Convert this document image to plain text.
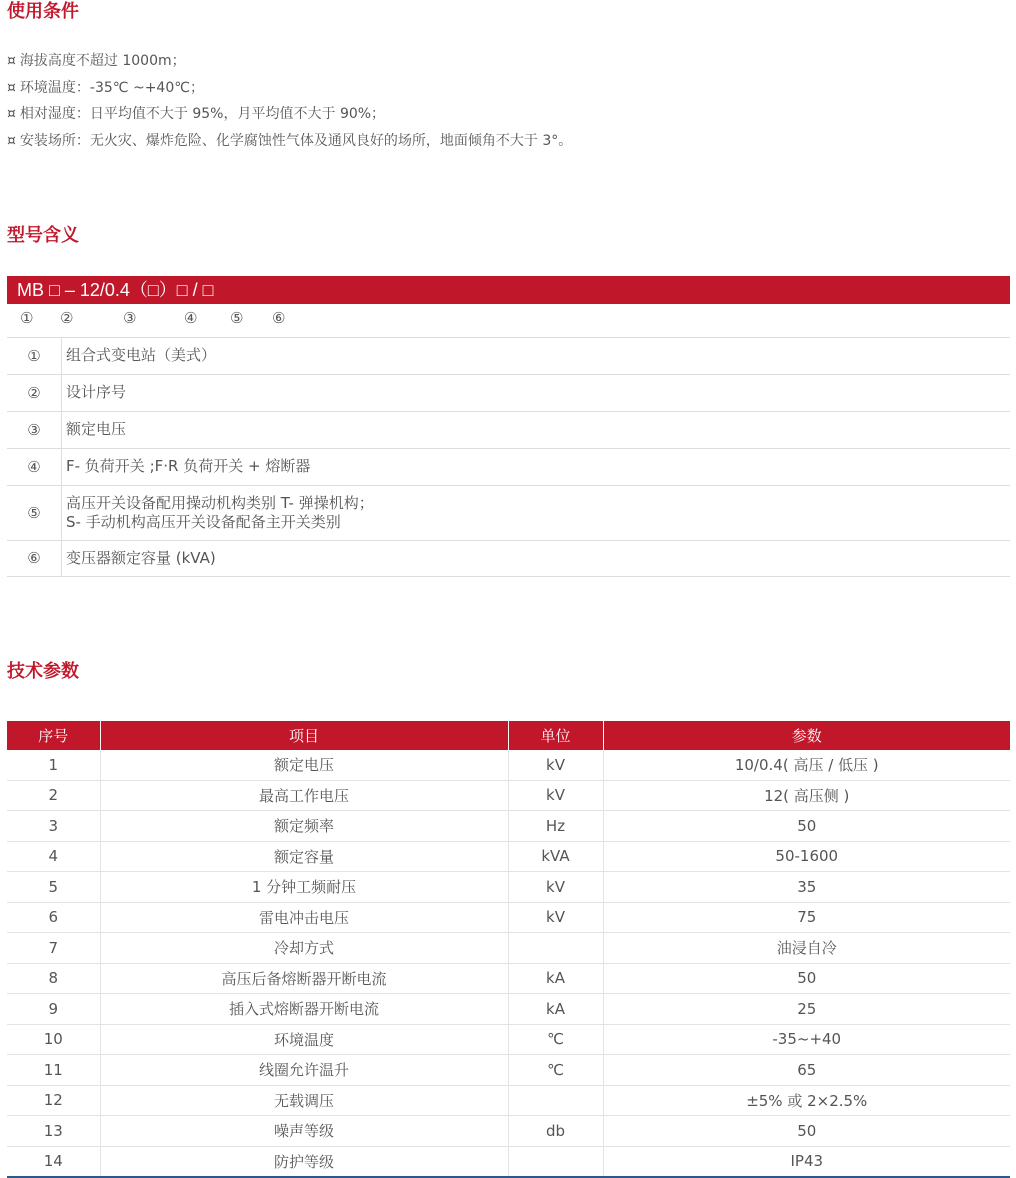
使用条件
¤ 海拔高度不超过 1000m；
¤ 环境温度：-35℃ ~+40℃；
¤ 相对湿度：日平均值不大于 95%，月平均值不大于 90%；
¤ 安装场所：无火灾、爆炸危险、化学腐蚀性气体及通风良好的场所，地面倾角不大于 3°。
型号含义
MB □ – 12/0.4（□）□ / □
① ②	③	④ ⑤ ⑥
①	组合式变电站（美式）
②	设计序号
③	额定电压
④	F- 负荷开关 ;F·R 负荷开关 + 熔断器
⑤	高压开关设备配用操动机构类别 T- 弹操机构；
S- 手动机构高压开关设备配备主开关类别

⑥	变压器额定容量 (kVA)
技术参数
序号	项目	单位	参数
1	额定电压	kV	10/0.4( 高压 / 低压 )
2	最高工作电压	kV	12( 高压侧 )
3	额定频率	Hz	50
4	额定容量	kVA	50-1600
5	1 分钟工频耐压	kV	35
6	雷电冲击电压	kV	75
7	冷却方式		油浸自冷
8	高压后备熔断器开断电流	kA	50
9	插入式熔断器开断电流	kA	25
10	环境温度	℃	-35~+40
11	线圈允许温升	℃	65
12	无载调压		±5% 或 2×2.5%
13	噪声等级	db	50
14	防护等级		IP43
